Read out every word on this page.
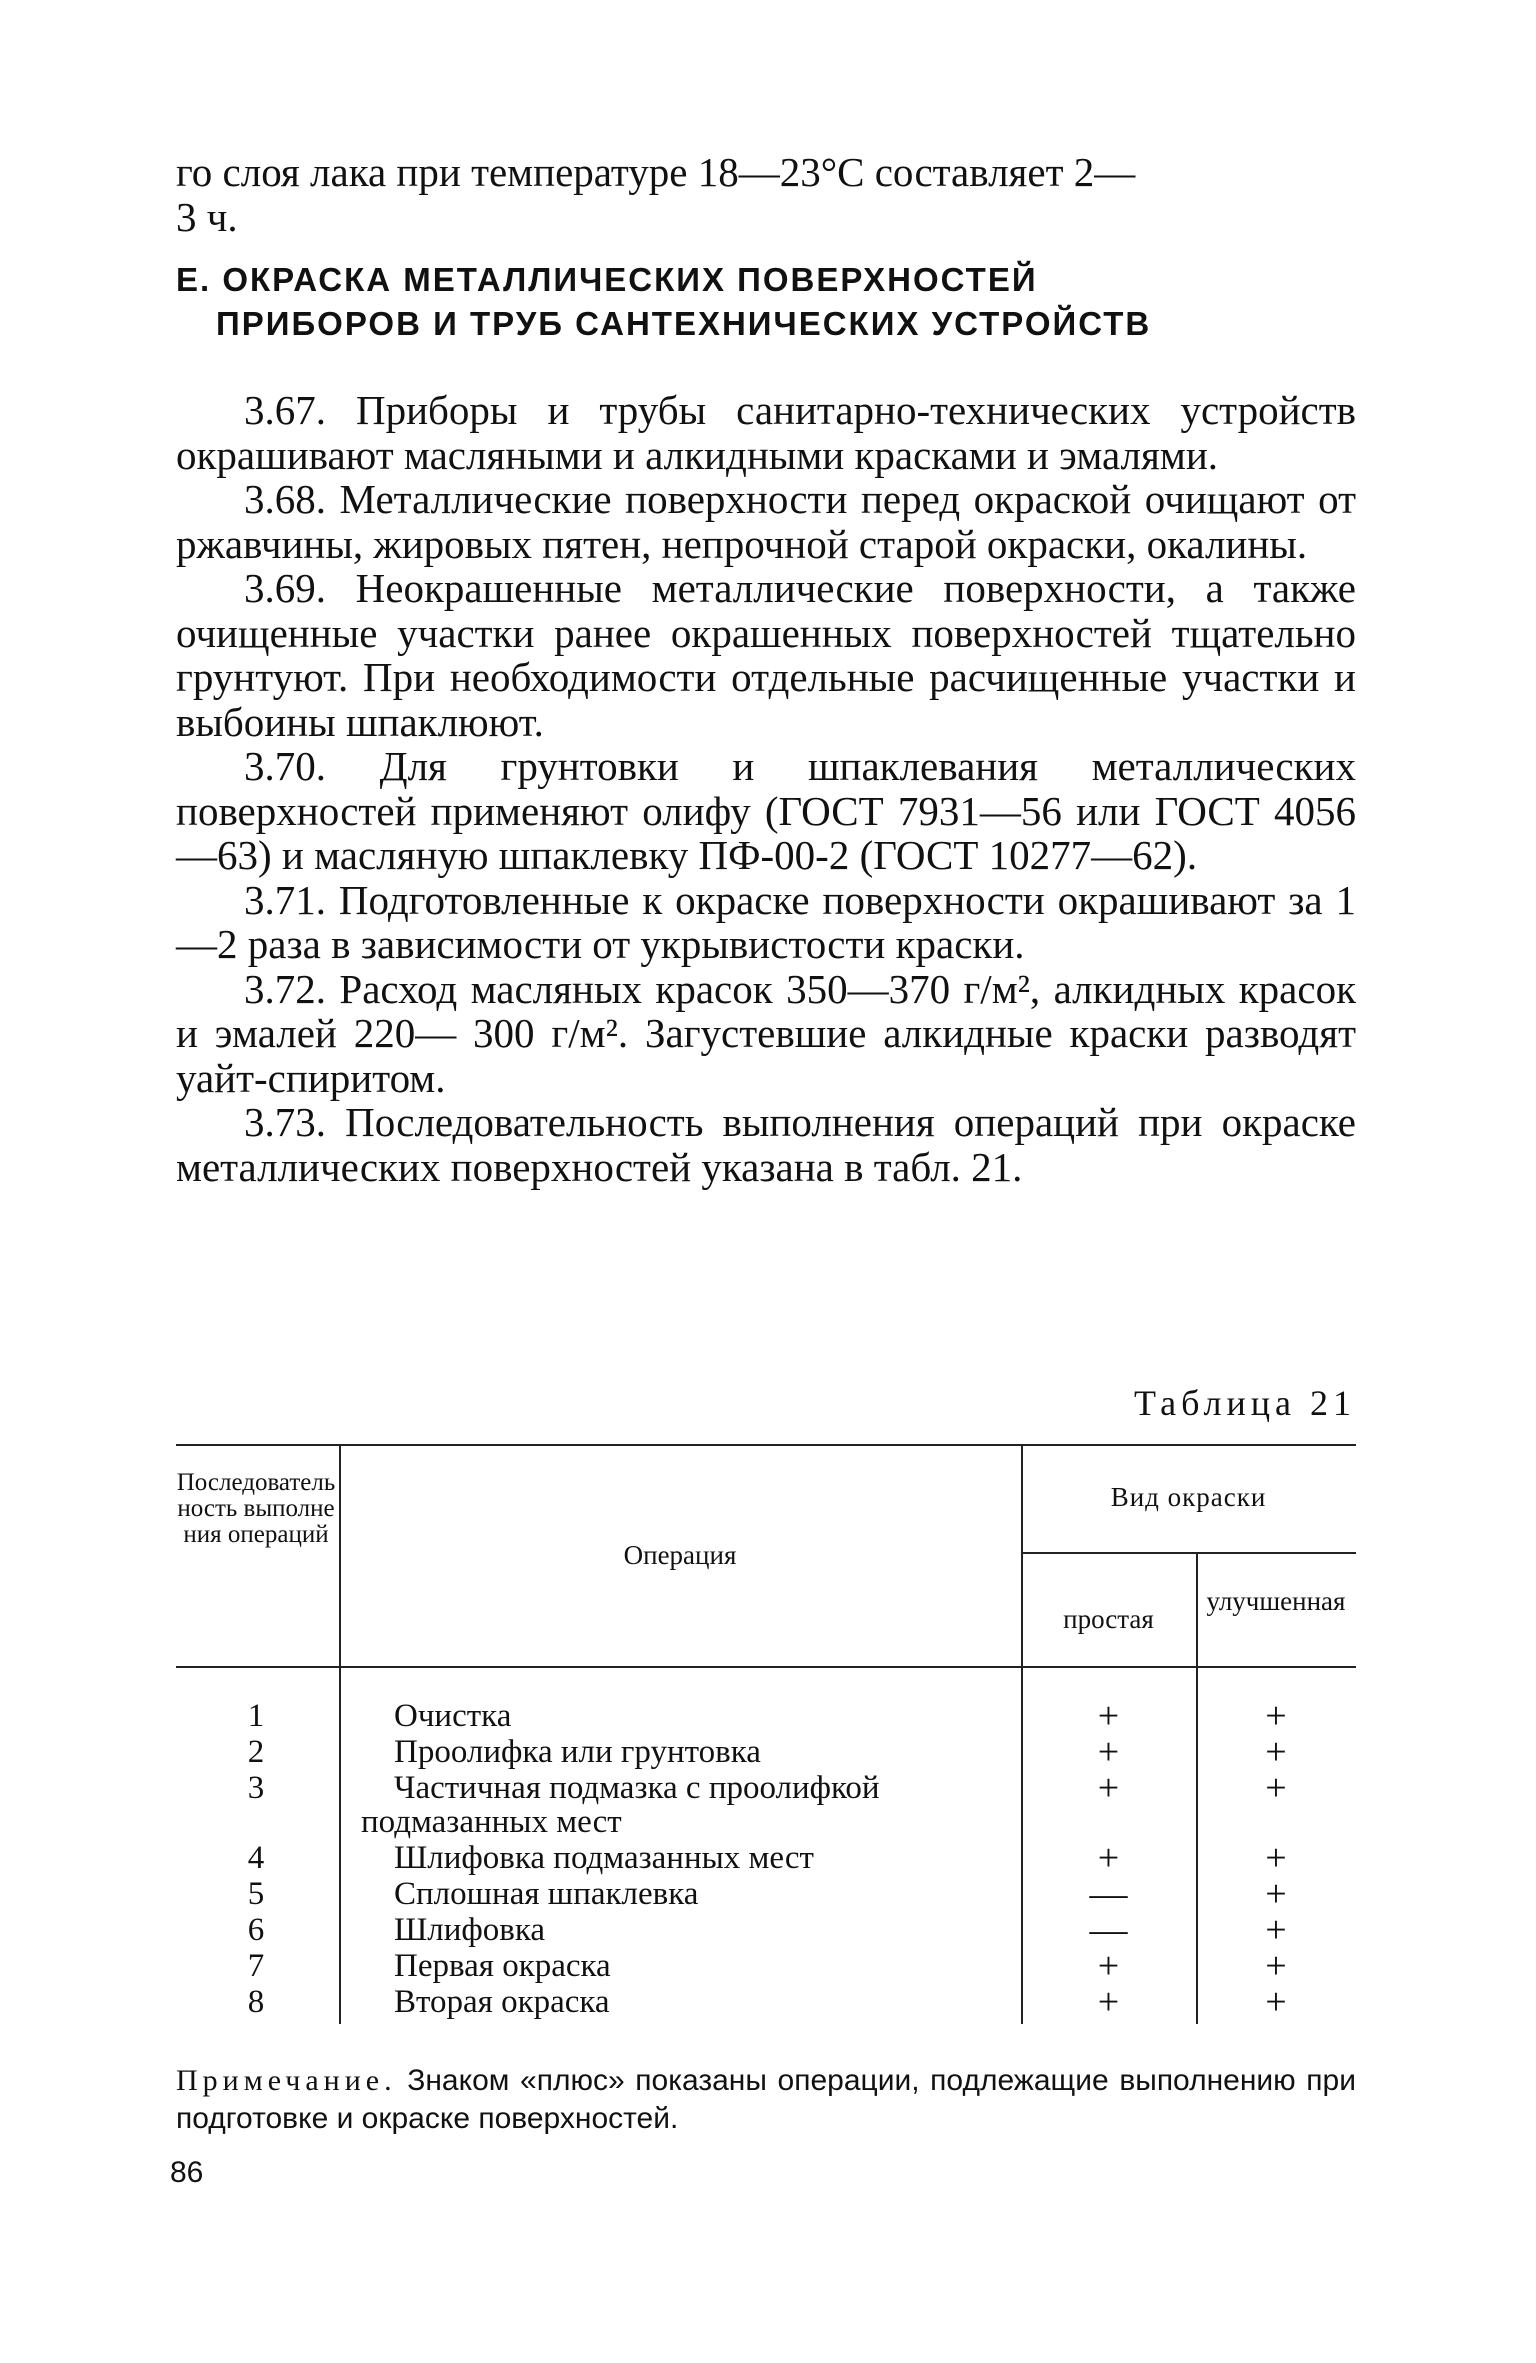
го слоя лака при температуре 18—23°С составляет 2—
3 ч.

Е. ОКРАСКА МЕТАЛЛИЧЕСКИХ ПОВЕРХНОСТЕЙ
ПРИБОРОВ И ТРУБ САНТЕХНИЧЕСКИХ УСТРОЙСТВ

3.67. Приборы и трубы санитарно-технических устройств окрашивают масляными и алкидными красками и эмалями.

3.68. Металлические поверхности перед окраской очищают от ржавчины, жировых пятен, непрочной старой окраски, окалины.

3.69. Неокрашенные металлические поверхности, а также очищенные участки ранее окрашенных поверхностей тщательно грунтуют. При необходимости отдельные расчищенные участки и выбоины шпаклюют.

3.70. Для грунтовки и шпаклевания металлических поверхностей применяют олифу (ГОСТ 7931—56 или ГОСТ 4056—63) и масляную шпаклевку ПФ-00-2 (ГОСТ 10277—62).

3.71. Подготовленные к окраске поверхности окрашивают за 1—2 раза в зависимости от укрывистости краски.

3.72. Расход масляных красок 350—370 г/м², алкидных красок и эмалей 220— 300 г/м². Загустевшие алкидные краски разводят уайт-спиритом.

3.73. Последовательность выполнения операций при окраске металлических поверхностей указана в табл. 21.

Таблица 21
Последовательность выполнения операций
Операция
Вид окраски
простая
улучшенная
1	Очистка	+	+
2	Проолифка или грунтовка	+	+
3	Частичная подмазка с проолифкой	+	+
подмазанных мест
4	Шлифовка подмазанных мест	+	+
5	Сплошная шпаклевка	—	+
6	Шлифовка	—	+
7	Первая окраска	+	+
8	Вторая окраска	+	+
Примечание. Знаком «плюс» показаны операции, подлежащие выполнению при подготовке и окраске поверхностей.
86
